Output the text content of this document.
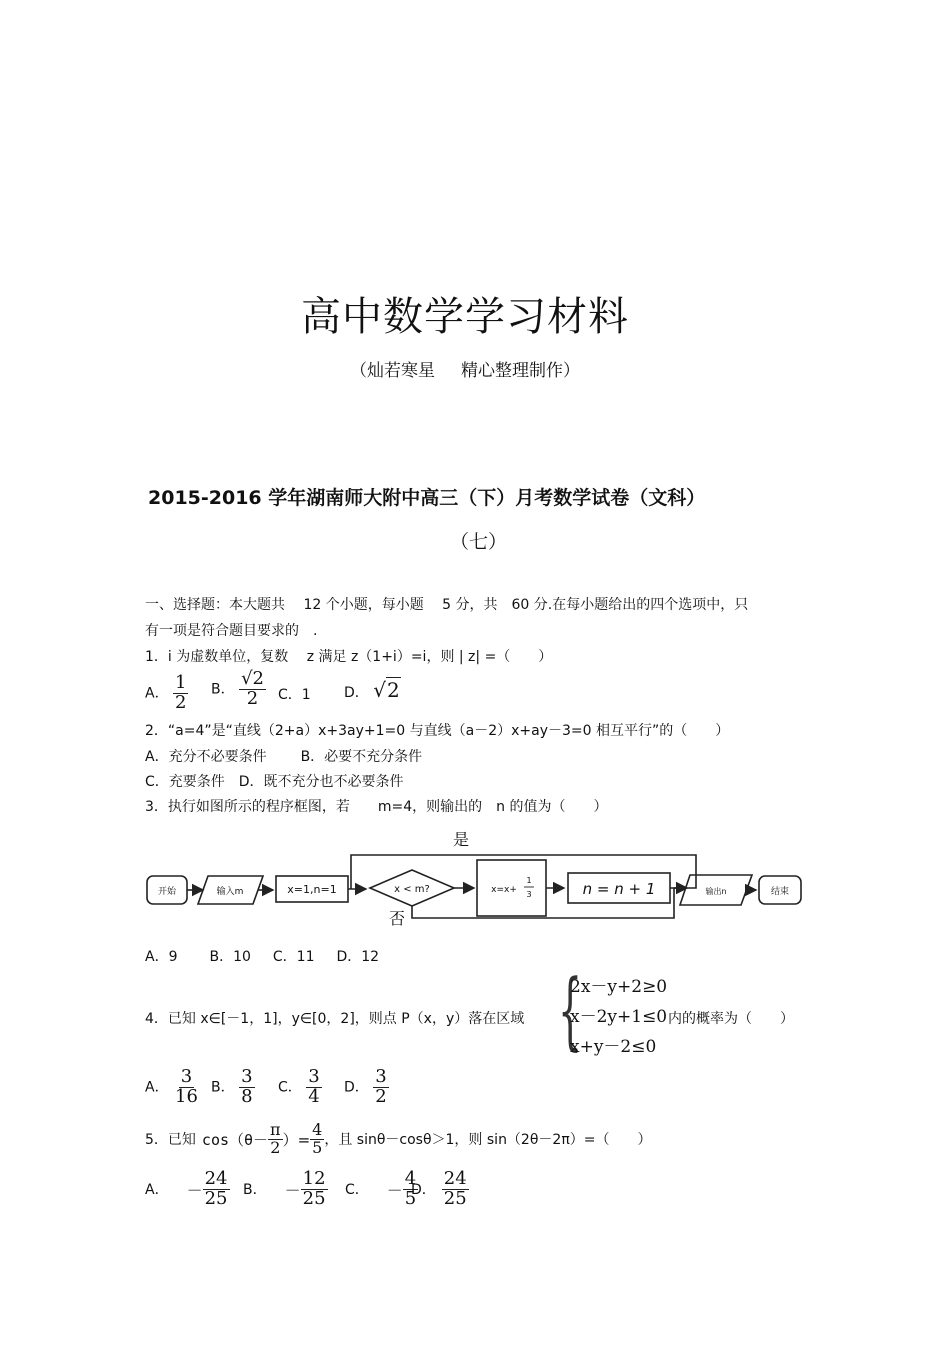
高中数学学习材料
（灿若寒星 精心整理制作）
2015-2016 学年湖南师大附中高三（下）月考数学试卷（文科）
（七）
一、选择题：本大题共　 12 个小题，每小题　 5 分，共　60 分.在每小题给出的四个选项中，只
有一项是符合题目要求的　.
1．i 为虚数单位，复数　 z 满足 z（1+i）=i，则 | z| =（　　）
A． $\frac{1}{2}$ B． $\frac{√2}{2}$ C．1 D． √2
2．“a=4”是“直线（2+a）x+3ay+1=0 与直线（a－2）x+ay－3=0 相互平行”的（　　）
A．充分不必要条件 B．必要不充分条件
C．充要条件 D．既不充分也不必要条件
3．执行如图所示的程序框图，若　　m=4，则输出的　n 的值为（　　）
开始	输入m	x=1,n=1	x < m?	x=x+
1
3	n = n + 1	输出n	结束
是
否
A．9 B．10 C．11 D．12
4．已知 x∈[－1，1]，y∈[0，2]，则点 P（x，y）落在区域 {
2x－y+2≥0
x－2y+1≤0
x+y－2≤0
内的概率为（　　）
A． $\frac{3}{16}$ B． $\frac{3}{8}$ C． $\frac{3}{4}$ D． $\frac{3}{2}$
5．已知 $\cos(\theta- \frac{\pi}{2}$ ）= $\frac{4}{5}$ ，且 sinθ－cosθ＞1，则 sin（2θ－2π）=（　　）
A． － $\frac{24}{25}$ B． － $\frac{12}{25}$ C． － $\frac{4}{5}$
D． $\frac{24}{25}$
